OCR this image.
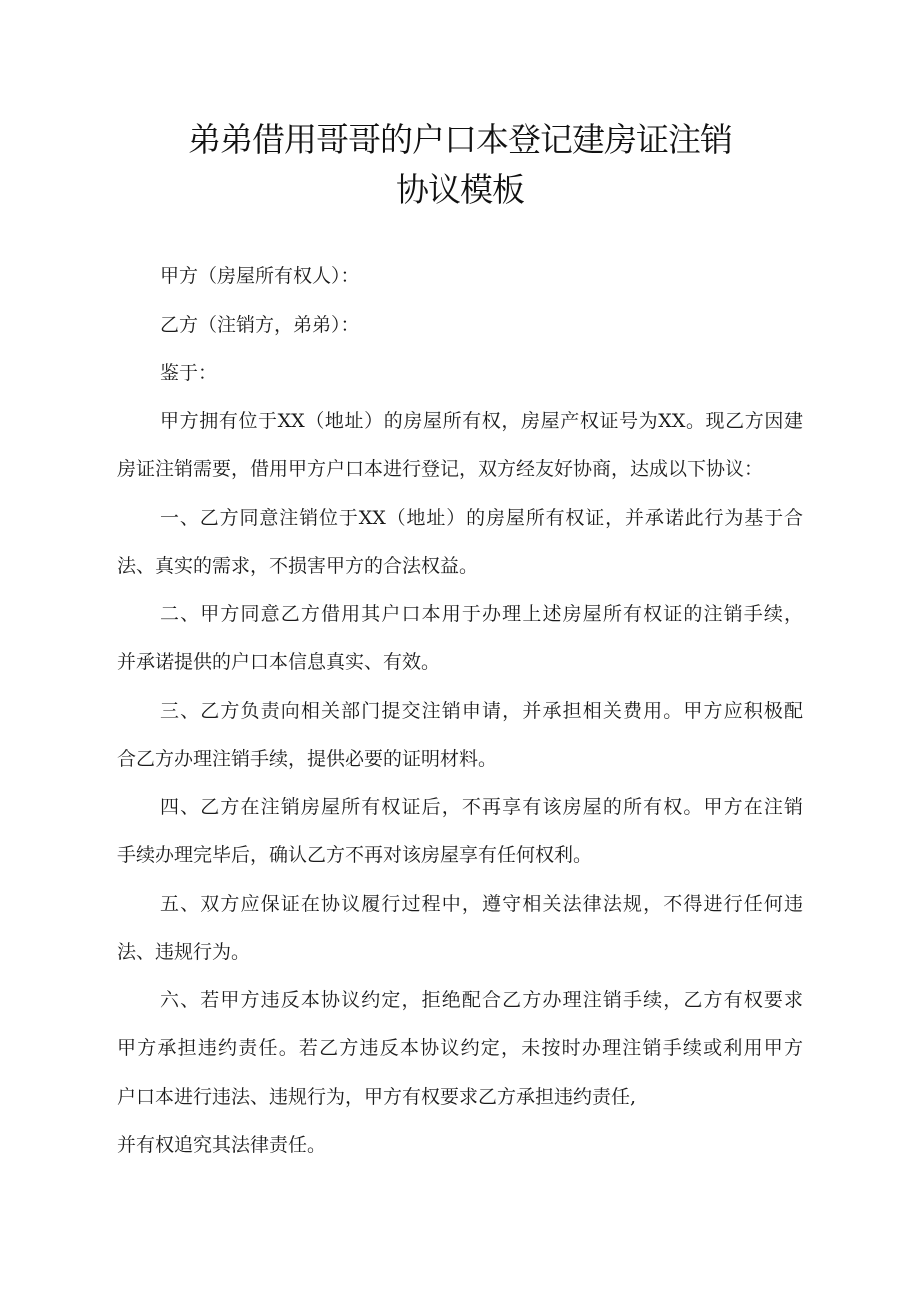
弟弟借用哥哥的户口本登记建房证注销
协议模板
甲方（房屋所有权人）：
乙方（注销方，弟弟）：
鉴于：
甲方拥有位于XX（地址）的房屋所有权，房屋产权证号为XX。现乙方因建
房证注销需要，借用甲方户口本进行登记，双方经友好协商，达成以下协议：
一、乙方同意注销位于XX（地址）的房屋所有权证，并承诺此行为基于合
法、真实的需求，不损害甲方的合法权益。
二、甲方同意乙方借用其户口本用于办理上述房屋所有权证的注销手续，
并承诺提供的户口本信息真实、有效。
三、乙方负责向相关部门提交注销申请，并承担相关费用。甲方应积极配
合乙方办理注销手续，提供必要的证明材料。
四、乙方在注销房屋所有权证后，不再享有该房屋的所有权。甲方在注销
手续办理完毕后，确认乙方不再对该房屋享有任何权利。
五、双方应保证在协议履行过程中，遵守相关法律法规，不得进行任何违
法、违规行为。
六、若甲方违反本协议约定，拒绝配合乙方办理注销手续，乙方有权要求
甲方承担违约责任。若乙方违反本协议约定，未按时办理注销手续或利用甲方
户口本进行违法、违规行为，甲方有权要求乙方承担违约责任,
并有权追究其法律责任。
